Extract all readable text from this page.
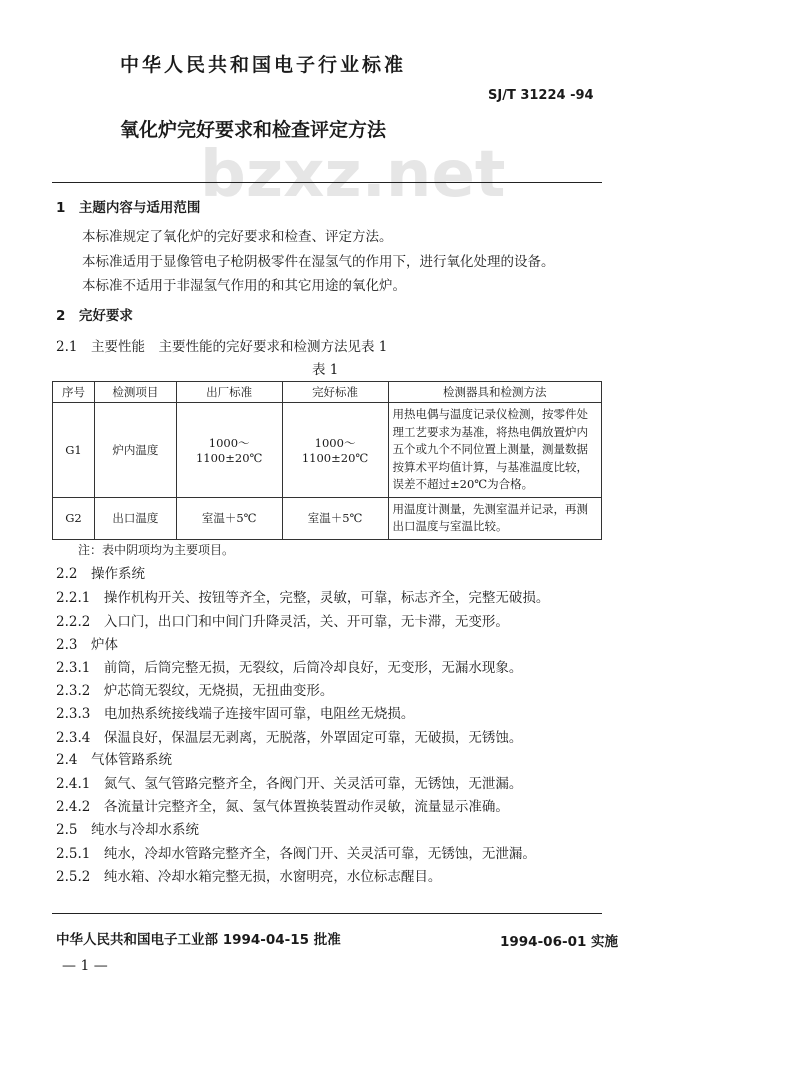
中华人民共和国电子行业标准
SJ/T 31224 -94
氧化炉完好要求和检查评定方法
bzxz.net
1　主题内容与适用范围
本标准规定了氧化炉的完好要求和检查、评定方法。
本标准适用于显像管电子枪阴极零件在湿氢气的作用下，进行氧化处理的设备。
本标准不适用于非湿氢气作用的和其它用途的氧化炉。
2　完好要求
2.1　主要性能　主要性能的完好要求和检测方法见表 1
表 1
序号	检测项目	出厂标准	完好标准	检测器具和检测方法
G1	炉内温度	1000～1100±20℃	1000～1100±20℃	用热电偶与温度记录仪检测，按零件处理工艺要求为基准，将热电偶放置炉内五个或九个不同位置上测量，测量数据按算术平均值计算，与基准温度比较，误差不超过±20℃为合格。
G2	出口温度	室温＋5℃	室温＋5℃	用温度计测量，先测室温并记录，再测出口温度与室温比较。
注：表中阴项均为主要项目。
2.2　操作系统
2.2.1　操作机构开关、按钮等齐全，完整，灵敏，可靠，标志齐全，完整无破损。
2.2.2　入口门，出口门和中间门升降灵活，关、开可靠，无卡滞，无变形。
2.3　炉体
2.3.1　前筒，后筒完整无损，无裂纹，后筒冷却良好，无变形，无漏水现象。
2.3.2　炉芯筒无裂纹，无烧损，无扭曲变形。
2.3.3　电加热系统接线端子连接牢固可靠，电阻丝无烧损。
2.3.4　保温良好，保温层无剥离，无脱落，外罩固定可靠，无破损，无锈蚀。
2.4　气体管路系统
2.4.1　氮气、氢气管路完整齐全，各阀门开、关灵活可靠，无锈蚀，无泄漏。
2.4.2　各流量计完整齐全，氮、氢气体置换装置动作灵敏，流量显示准确。
2.5　纯水与冷却水系统
2.5.1　纯水，冷却水管路完整齐全，各阀门开、关灵活可靠，无锈蚀，无泄漏。
2.5.2　纯水箱、冷却水箱完整无损，水窗明亮，水位标志醒目。
中华人民共和国电子工业部 1994-04-15 批准	1994-06-01 实施
— 1 —
